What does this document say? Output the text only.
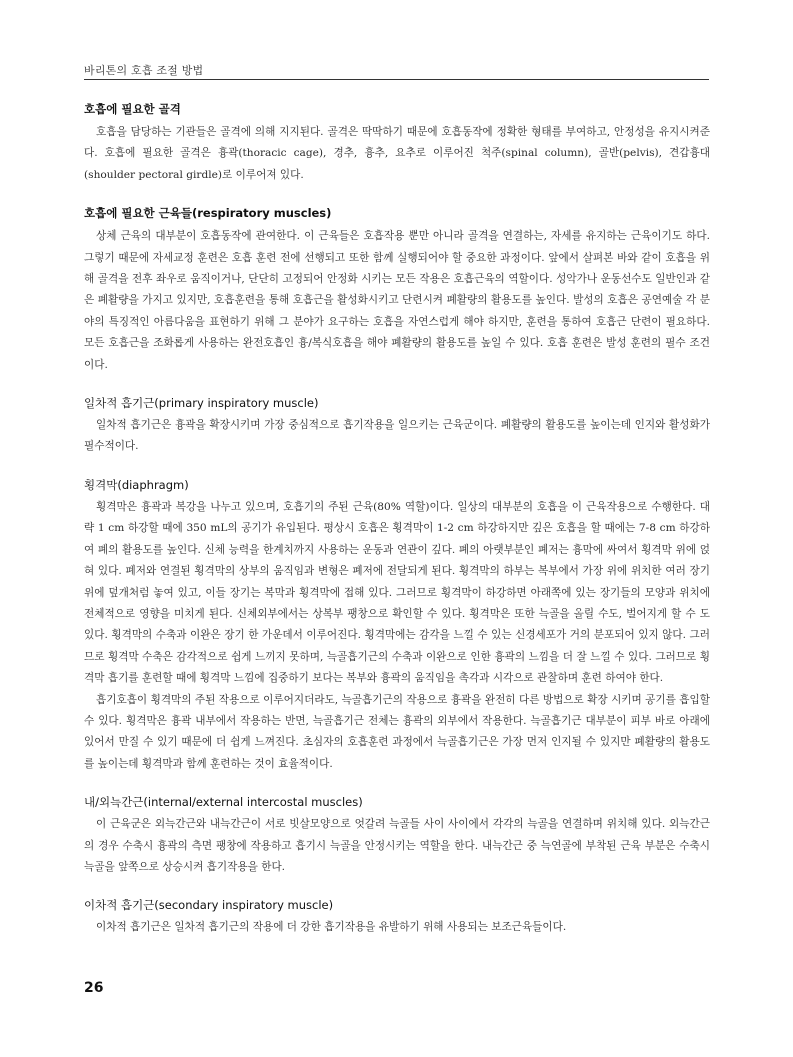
바리톤의 호흡 조절 방법
호흡에 필요한 골격

호흡을 담당하는 기관들은 골격에 의해 지지된다. 골격은 딱딱하기 때문에 호흡동작에 정확한 형태를 부여하고, 안정성을 유지시켜준다. 호흡에 필요한 골격은 흉곽(thoracic cage), 경추, 흉추, 요추로 이루어진 척주(spinal column), 골반(pelvis), 견갑흉대(shoulder pectoral girdle)로 이루어져 있다.

호흡에 필요한 근육들(respiratory muscles)

상체 근육의 대부분이 호흡동작에 관여한다. 이 근육들은 호흡작용 뿐만 아니라 골격을 연결하는, 자세를 유지하는 근육이기도 하다. 그렇기 때문에 자세교정 훈련은 호흡 훈련 전에 선행되고 또한 함께 실행되어야 할 중요한 과정이다. 앞에서 살펴본 바와 같이 호흡을 위해 골격을 전후 좌우로 움직이거나, 단단히 고정되어 안정화 시키는 모든 작용은 호흡근육의 역할이다. 성악가나 운동선수도 일반인과 같은 폐활량을 가지고 있지만, 호흡훈련을 통해 호흡근을 활성화시키고 단련시켜 폐활량의 활용도를 높인다. 발성의 호흡은 공연예술 각 분야의 특징적인 아름다움을 표현하기 위해 그 분야가 요구하는 호흡을 자연스럽게 해야 하지만, 훈련을 통하여 호흡근 단련이 필요하다. 모든 호흡근을 조화롭게 사용하는 완전호흡인 흉/복식호흡을 해야 폐활량의 활용도를 높일 수 있다. 호흡 훈련은 발성 훈련의 필수 조건이다.

일차적 흡기근(primary inspiratory muscle)

일차적 흡기근은 흉곽을 확장시키며 가장 중심적으로 흡기작용을 일으키는 근육군이다. 폐활량의 활용도를 높이는데 인지와 활성화가 필수적이다.

횡격막(diaphragm)

횡격막은 흉곽과 복강을 나누고 있으며, 호흡기의 주된 근육(80% 역할)이다. 일상의 대부분의 호흡을 이 근육작용으로 수행한다. 대략 1 cm 하강할 때에 350 mL의 공기가 유입된다. 평상시 호흡은 횡격막이 1-2 cm 하강하지만 깊은 호흡을 할 때에는 7-8 cm 하강하여 폐의 활용도를 높인다. 신체 능력을 한계치까지 사용하는 운동과 연관이 깊다. 폐의 아랫부분인 폐저는 흉막에 싸여서 횡격막 위에 얹혀 있다. 폐저와 연결된 횡격막의 상부의 움직임과 변형은 폐저에 전달되게 된다. 횡격막의 하부는 복부에서 가장 위에 위치한 여러 장기 위에 덮개처럼 놓여 있고, 이들 장기는 복막과 횡격막에 접해 있다. 그러므로 횡격막이 하강하면 아래쪽에 있는 장기들의 모양과 위치에 전체적으로 영향을 미치게 된다. 신체외부에서는 상복부 팽창으로 확인할 수 있다. 횡격막은 또한 늑골을 올릴 수도, 벌어지게 할 수 도 있다. 횡격막의 수축과 이완은 장기 한 가운데서 이루어진다. 횡격막에는 감각을 느낄 수 있는 신경세포가 거의 분포되어 있지 않다. 그러므로 횡격막 수축은 감각적으로 쉽게 느끼지 못하며, 늑골흡기근의 수축과 이완으로 인한 흉곽의 느낌을 더 잘 느낄 수 있다. 그러므로 횡격막 흡기를 훈련할 때에 횡격막 느낌에 집중하기 보다는 복부와 흉곽의 움직임을 촉각과 시각으로 관찰하며 훈련 하여야 한다.

흡기호흡이 횡격막의 주된 작용으로 이루어지더라도, 늑골흡기근의 작용으로 흉곽을 완전히 다른 방법으로 확장 시키며 공기를 흡입할 수 있다. 횡격막은 흉곽 내부에서 작용하는 반면, 늑골흡기근 전체는 흉곽의 외부에서 작용한다. 늑골흡기근 대부분이 피부 바로 아래에 있어서 만질 수 있기 때문에 더 쉽게 느껴진다. 초심자의 호흡훈련 과정에서 늑골흡기근은 가장 먼저 인지될 수 있지만 폐활량의 활용도를 높이는데 횡격막과 함께 훈련하는 것이 효율적이다.

내/외늑간근(internal/external intercostal muscles)

이 근육군은 외늑간근와 내늑간근이 서로 빗살모양으로 엇갈려 늑골들 사이 사이에서 각각의 늑골을 연결하며 위치해 있다. 외늑간근의 경우 수축시 흉곽의 측면 팽창에 작용하고 흡기시 늑골을 안정시키는 역할을 한다. 내늑간근 중 늑연골에 부착된 근육 부분은 수축시 늑골을 앞쪽으로 상승시켜 흡기작용을 한다.

이차적 흡기근(secondary inspiratory muscle)

이차적 흡기근은 일차적 흡기근의 작용에 더 강한 흡기작용을 유발하기 위해 사용되는 보조근육들이다.

26
